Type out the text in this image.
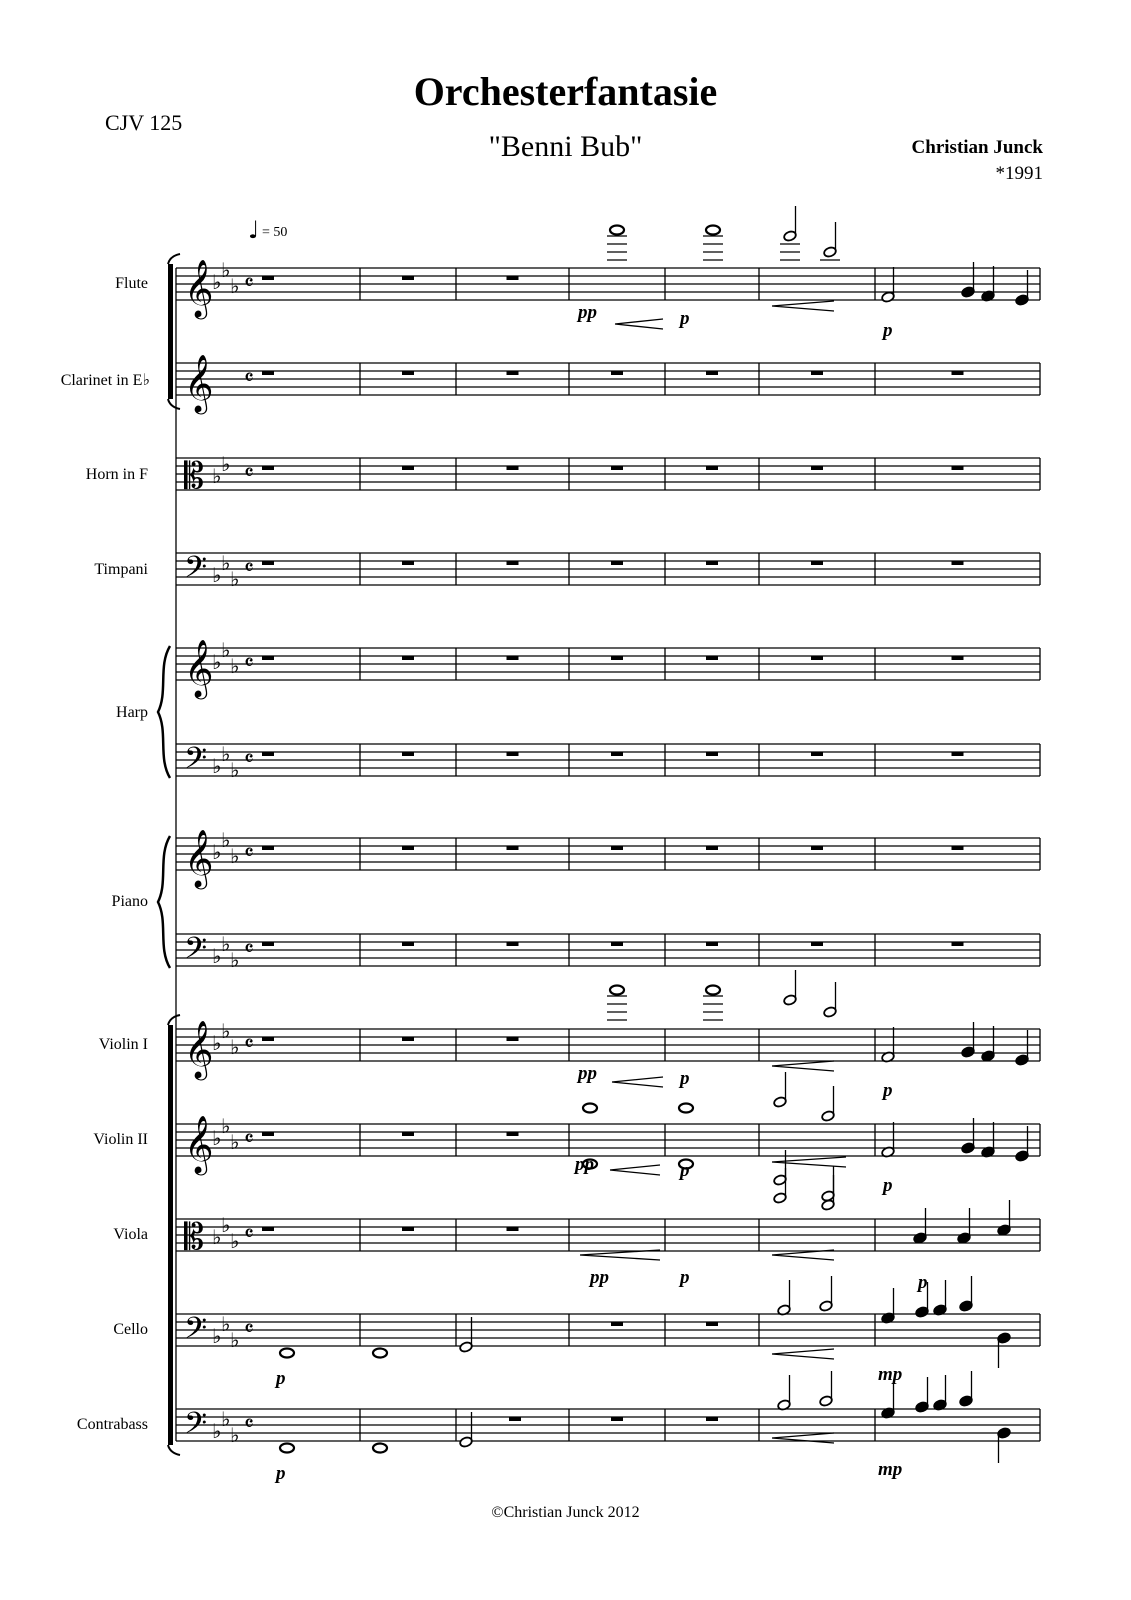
Orchesterfantasie
"Benni Bub"
CJV 125
Christian Junck
*1991
Flute
Clarinet in E♭
Horn in F
Timpani
Harp
Piano
Violin I
Violin II
Viola
Cello
Contrabass
𝄞
♭ ♭
♭ 𝄴
𝄞 𝄴
𝄡 ♭ ♭ 𝄴
𝄢 ♭ ♭
♭ 𝄴
𝄞
♭ ♭
♭ 𝄴
𝄢 ♭ ♭
♭ 𝄴
𝄞
♭ ♭
♭ 𝄴
𝄢 ♭ ♭
♭ 𝄴
𝄞
♭ ♭
♭ 𝄴
𝄞
♭ ♭
♭ 𝄴
𝄡 ♭ ♭
♭ 𝄴
𝄢 ♭ ♭
♭ 𝄴
𝄢 ♭ ♭
♭ 𝄴
pp	p
p
pp	p
p
pp	p
p
pp	p	p
p	mp
p	mp
♩ = 50
©Christian Junck 2012
